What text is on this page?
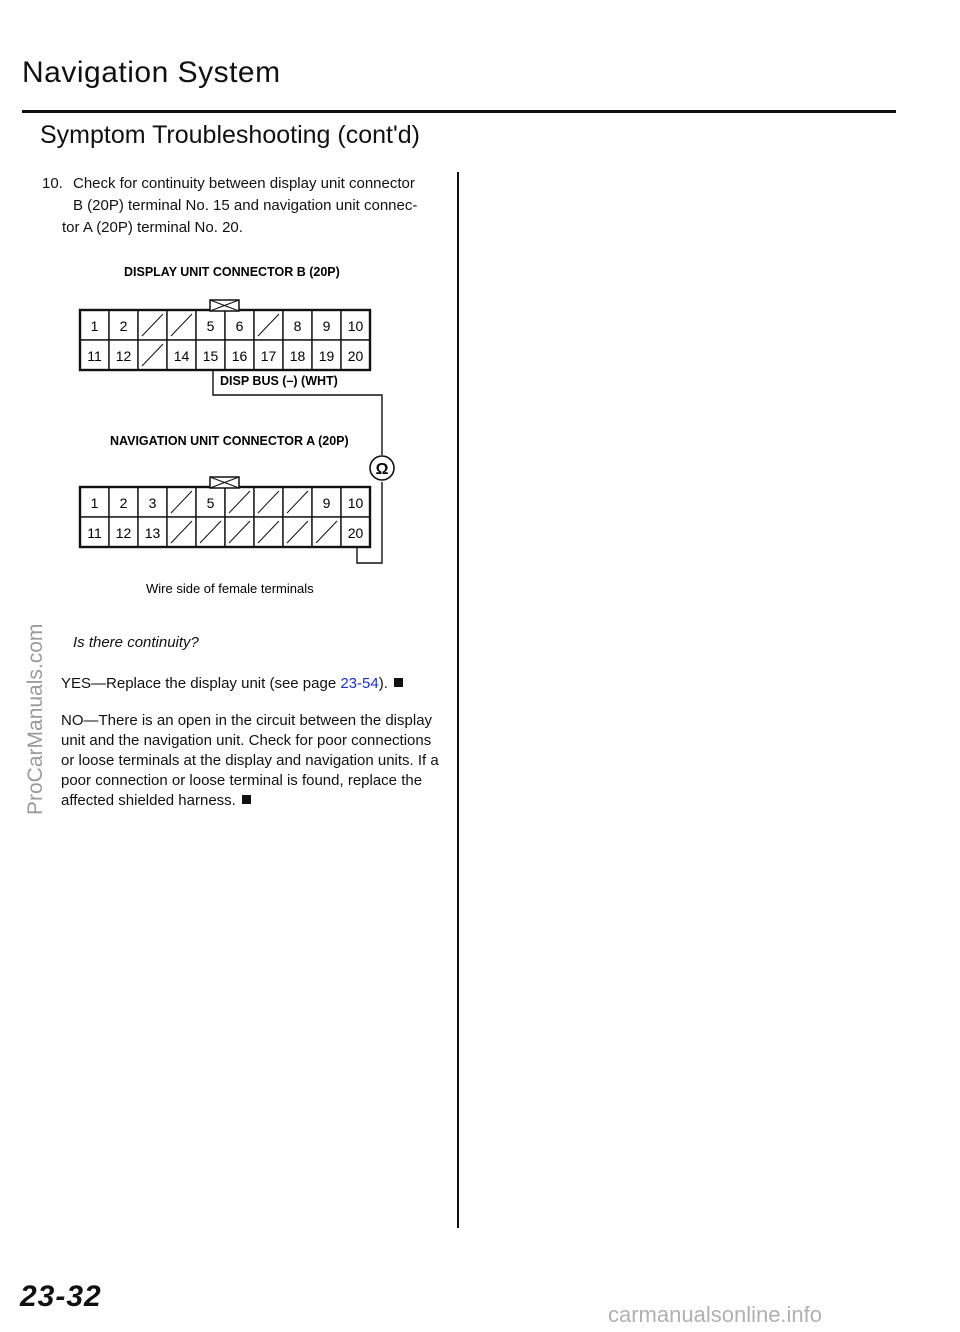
Navigation System
Symptom Troubleshooting (cont'd)
10. Check for continuity between display unit connector
B (20P) terminal No. 15 and navigation unit connec-
tor A (20P) terminal No. 20.
DISPLAY UNIT CONNECTOR B (20P)
1 2	5 6	8 9 10
11 12	14 15 16 17 18 19 20
DISP BUS (–) (WHT)
NAVIGATION UNIT CONNECTOR A (20P)
Ω
1 2 3	5	9 10
11 12 13	20
Wire side of female terminals
Is there continuity?
YES—Replace the display unit (see page 23-54).
NO—There is an open in the circuit between the display unit and the navigation unit. Check for poor connections or loose terminals at the display and navigation units. If a poor connection or loose terminal is found, replace the affected shielded harness.
23-32
ProCarManuals.com
carmanualsonline.info
